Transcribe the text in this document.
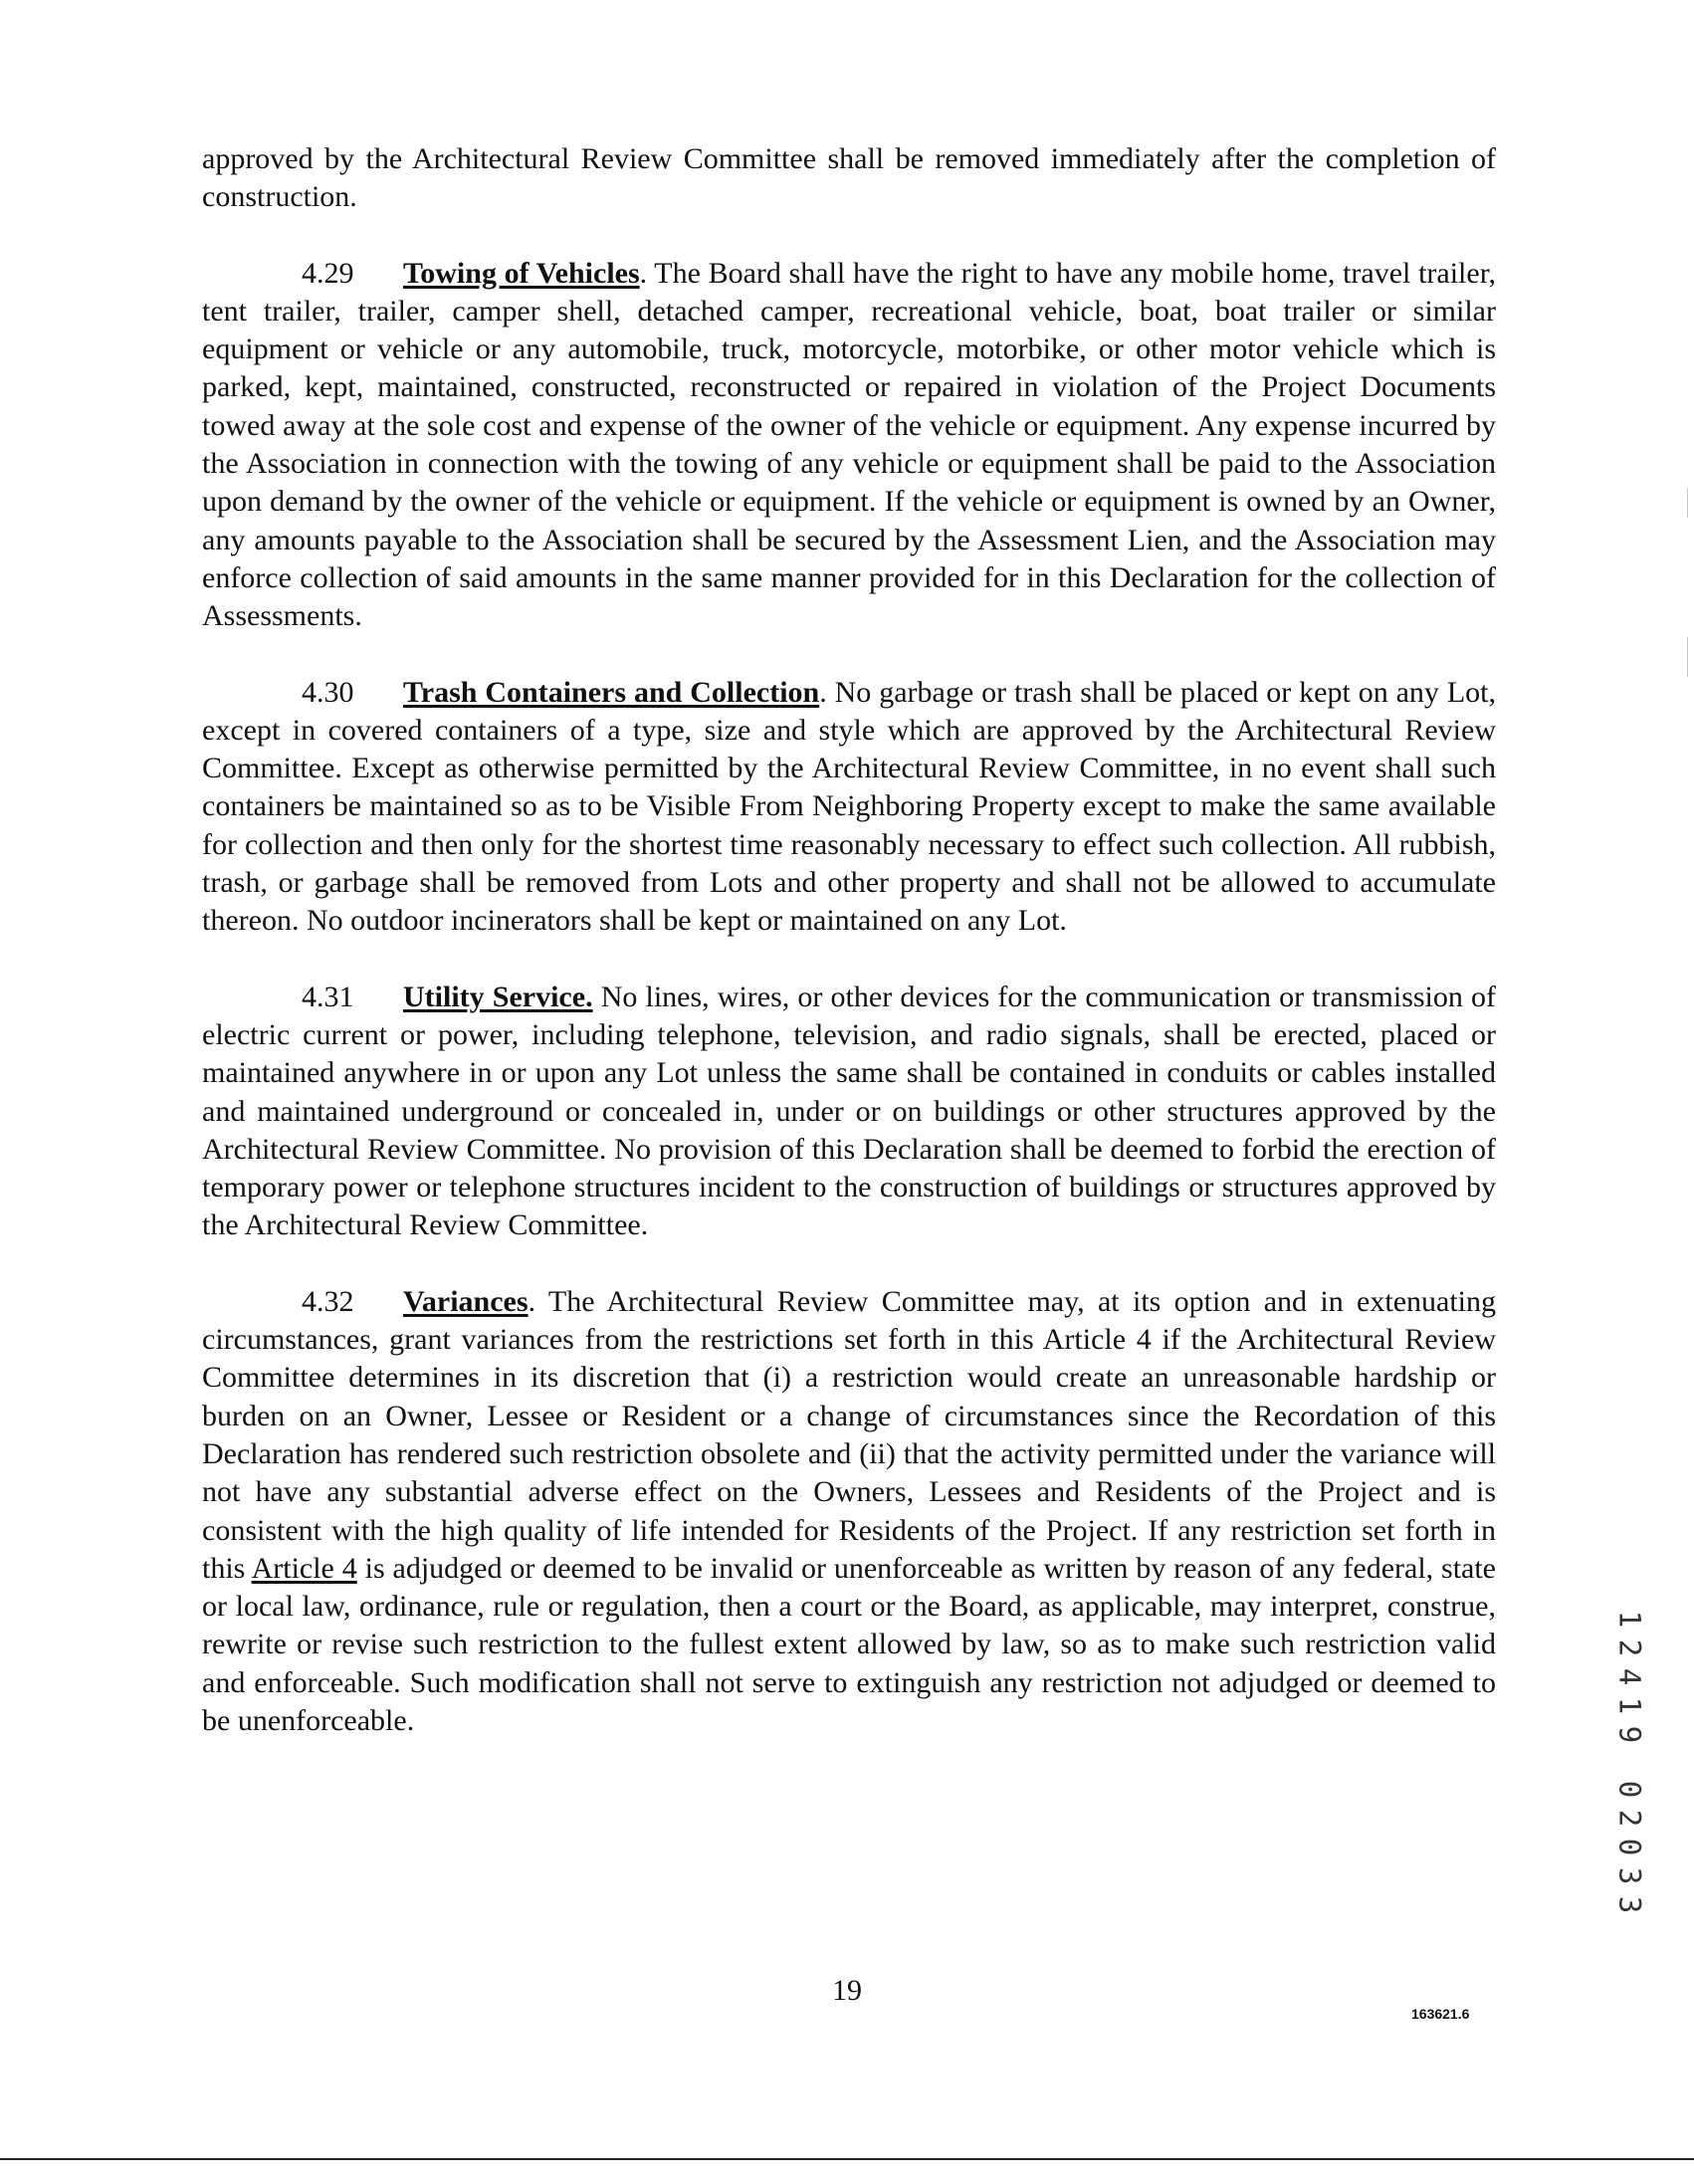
approved by the Architectural Review Committee shall be removed immediately after the completion of construction.

4.29 Towing of Vehicles. The Board shall have the right to have any mobile home, travel trailer, tent trailer, trailer, camper shell, detached camper, recreational vehicle, boat, boat trailer or similar equipment or vehicle or any automobile, truck, motorcycle, motorbike, or other motor vehicle which is parked, kept, maintained, constructed, reconstructed or repaired in violation of the Project Documents towed away at the sole cost and expense of the owner of the vehicle or equipment. Any expense incurred by the Association in connection with the towing of any vehicle or equipment shall be paid to the Association upon demand by the owner of the vehicle or equipment. If the vehicle or equipment is owned by an Owner, any amounts payable to the Association shall be secured by the Assessment Lien, and the Association may enforce collection of said amounts in the same manner provided for in this Declaration for the collection of Assessments.

4.30 Trash Containers and Collection. No garbage or trash shall be placed or kept on any Lot, except in covered containers of a type, size and style which are approved by the Architectural Review Committee. Except as otherwise permitted by the Architectural Review Committee, in no event shall such containers be maintained so as to be Visible From Neighboring Property except to make the same available for collection and then only for the shortest time reasonably necessary to effect such collection. All rubbish, trash, or garbage shall be removed from Lots and other property and shall not be allowed to accumulate thereon. No outdoor incinerators shall be kept or maintained on any Lot.

4.31 Utility Service. No lines, wires, or other devices for the communication or transmission of electric current or power, including telephone, television, and radio signals, shall be erected, placed or maintained anywhere in or upon any Lot unless the same shall be contained in conduits or cables installed and maintained underground or concealed in, under or on buildings or other structures approved by the Architectural Review Committee. No provision of this Declaration shall be deemed to forbid the erection of temporary power or telephone structures incident to the construction of buildings or structures approved by the Architectural Review Committee.

4.32 Variances. The Architectural Review Committee may, at its option and in extenuating circumstances, grant variances from the restrictions set forth in this Article 4 if the Architectural Review Committee determines in its discretion that (i) a restriction would create an unreasonable hardship or burden on an Owner, Lessee or Resident or a change of circumstances since the Recordation of this Declaration has rendered such restriction obsolete and (ii) that the activity permitted under the variance will not have any substantial adverse effect on the Owners, Lessees and Residents of the Project and is consistent with the high quality of life intended for Residents of the Project. If any restriction set forth in this Article 4 is adjudged or deemed to be invalid or unenforceable as written by reason of any federal, state or local law, ordinance, rule or regulation, then a court or the Board, as applicable, may interpret, construe, rewrite or revise such restriction to the fullest extent allowed by law, so as to make such restriction valid and enforceable. Such modification shall not serve to extinguish any restriction not adjudged or deemed to be unenforceable.

19
163621.6
1
2
4
1
9
0
2
0
3
3
